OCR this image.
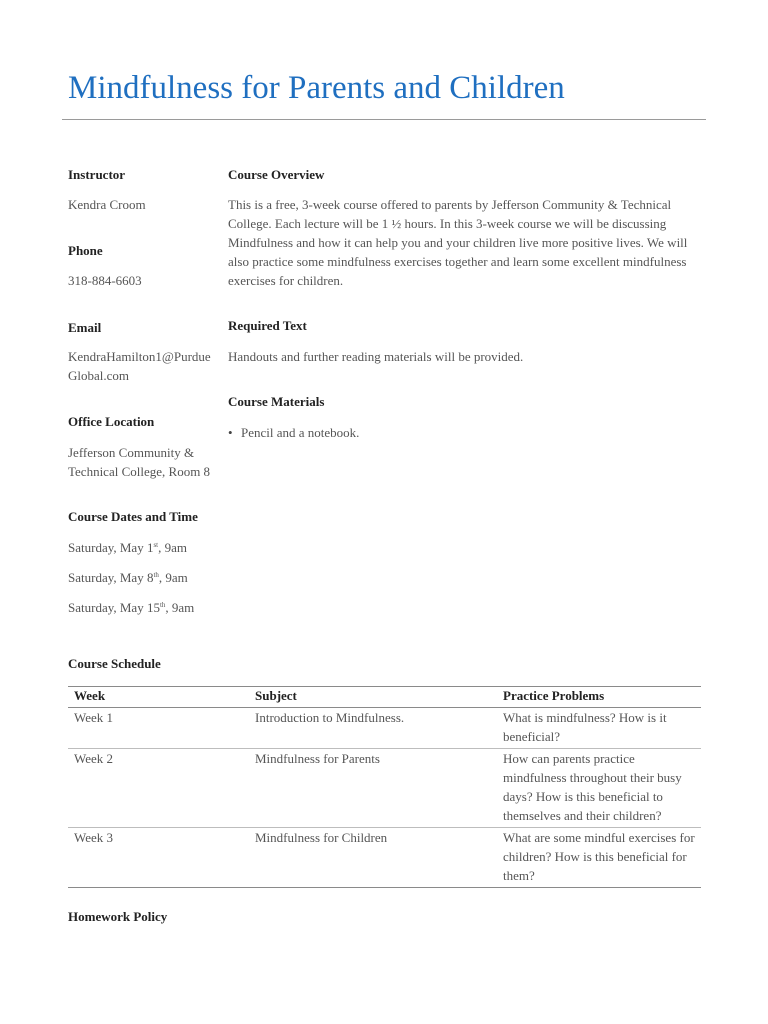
Mindfulness for Parents and Children
Instructor
Kendra Croom
Phone
318-884-6603
Email
KendraHamilton1@Purdue
Global.com
Office Location
Jefferson Community &
Technical College, Room 8
Course Dates and Time
Saturday, May 1st, 9am
Saturday, May 8th, 9am
Saturday, May 15th, 9am
Course Overview
This is a free, 3-week course offered to parents by Jefferson Community & Technical College. Each lecture will be 1 ½ hours. In this 3-week course we will be discussing Mindfulness and how it can help you and your children live more positive lives. We will also practice some mindfulness exercises together and learn some excellent mindfulness exercises for children.
Required Text
Handouts and further reading materials will be provided.
Course Materials
• Pencil and a notebook.
Course Schedule
Week	Subject	Practice Problems
Week 1	Introduction to Mindfulness.	What is mindfulness? How is it beneficial?
Week 2	Mindfulness for Parents	How can parents practice mindfulness throughout their busy days? How is this beneficial to themselves and their children?
Week 3	Mindfulness for Children	What are some mindful exercises for children? How is this beneficial for them?
Homework Policy
